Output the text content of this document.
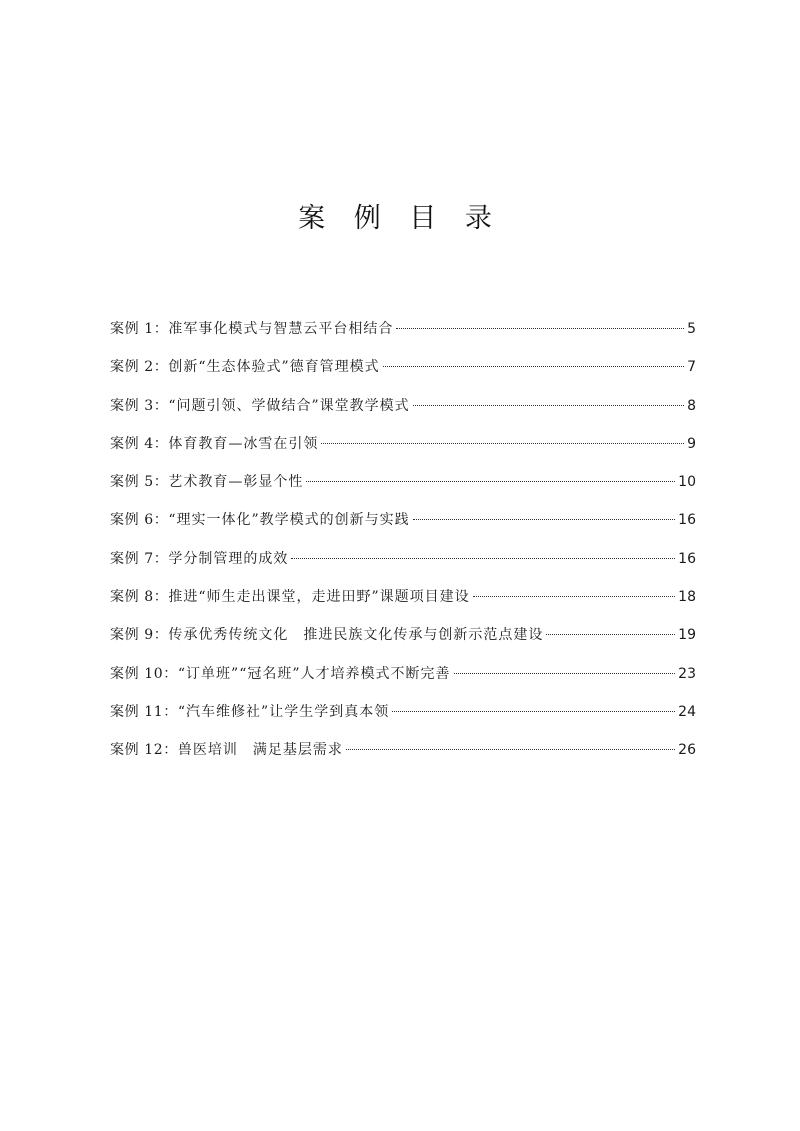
案 例 目 录
案例 1： 准军事化模式与智慧云平台相结合	5
案例 2： 创新“生态体验式”德育管理模式	7
案例 3： “问题引领、学做结合”课堂教学模式	8
案例 4： 体育教育—冰雪在引领	9
案例 5： 艺术教育—彰显个性	10
案例 6： “理实一体化”教学模式的创新与实践	16
案例 7： 学分制管理的成效	16
案例 8： 推进“师生走出课堂，走进田野”课题项目建设	18
案例 9： 传承优秀传统文化　推进民族文化传承与创新示范点建设	19
案例 10： “订单班”“冠名班”人才培养模式不断完善	23
案例 11： “汽车维修社”让学生学到真本领	24
案例 12： 兽医培训　满足基层需求	26
